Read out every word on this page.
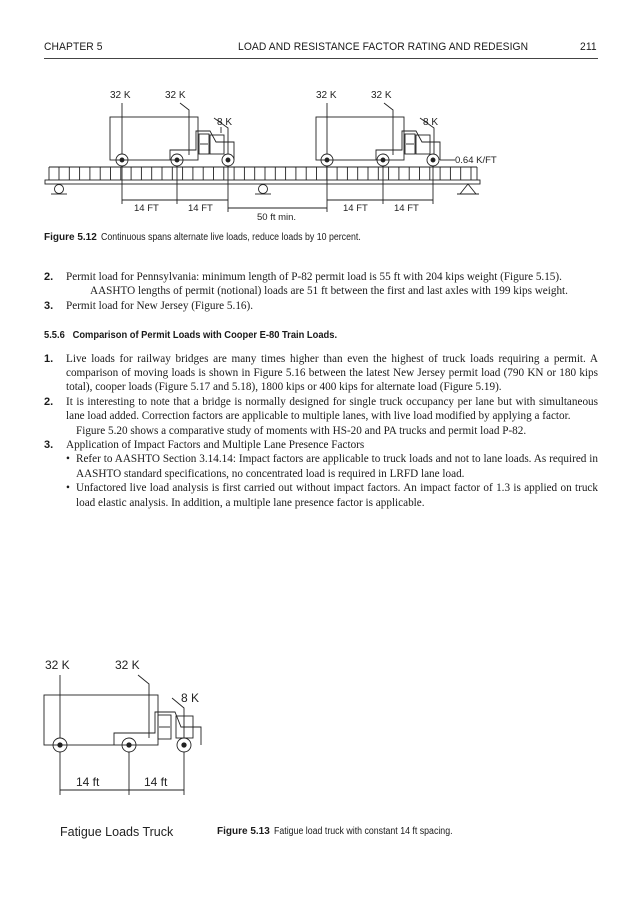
CHAPTER 5	LOAD AND RESISTANCE FACTOR RATING AND REDESIGN	211
32 K	32 K
8 K
32 K	32 K
8 K
0.64 K/FT
14 FT	14 FT	14 FT	14 FT
50 ft min.
Figure 5.12 Continuous spans alternate live loads, reduce loads by 10 percent.
2. Permit load for Pennsylvania: minimum length of P-82 permit load is 55 ft with 204 kips weight (Figure 5.15).

AASHTO lengths of permit (notional) loads are 51 ft between the first and last axles with 199 kips weight.

3. Permit load for New Jersey (Figure 5.16).

5.5.6   Comparison of Permit Loads with Cooper E-80 Train Loads.
1. Live loads for railway bridges are many times higher than even the highest of truck loads requiring a permit. A comparison of moving loads is shown in Figure 5.16 between the latest New Jersey permit load (790 KN or 180 kips total), cooper loads (Figure 5.17 and 5.18), 1800 kips or 400 kips for alternate load (Figure 5.19).

2. It is interesting to note that a bridge is normally designed for single truck occupancy per lane but with simultaneous lane load added. Correction factors are applicable to multiple lanes, with live load modified by applying a factor.

Figure 5.20 shows a comparative study of moments with HS-20 and PA trucks and permit load P-82.

3. Application of Impact Factors and Multiple Lane Presence Factors

• Refer to AASHTO Section 3.14.14: Impact factors are applicable to truck loads and not to lane loads. As required in AASHTO standard specifications, no concentrated load is required in LRFD lane load.
• Unfactored live load analysis is first carried out without impact factors. An impact factor of 1.3 is applied on truck load elastic analysis. In addition, a multiple lane presence factor is applicable.
32 K	32 K
8 K
14 ft	14 ft
Fatigue Loads Truck	Figure 5.13 Fatigue load truck with constant 14 ft spacing.
